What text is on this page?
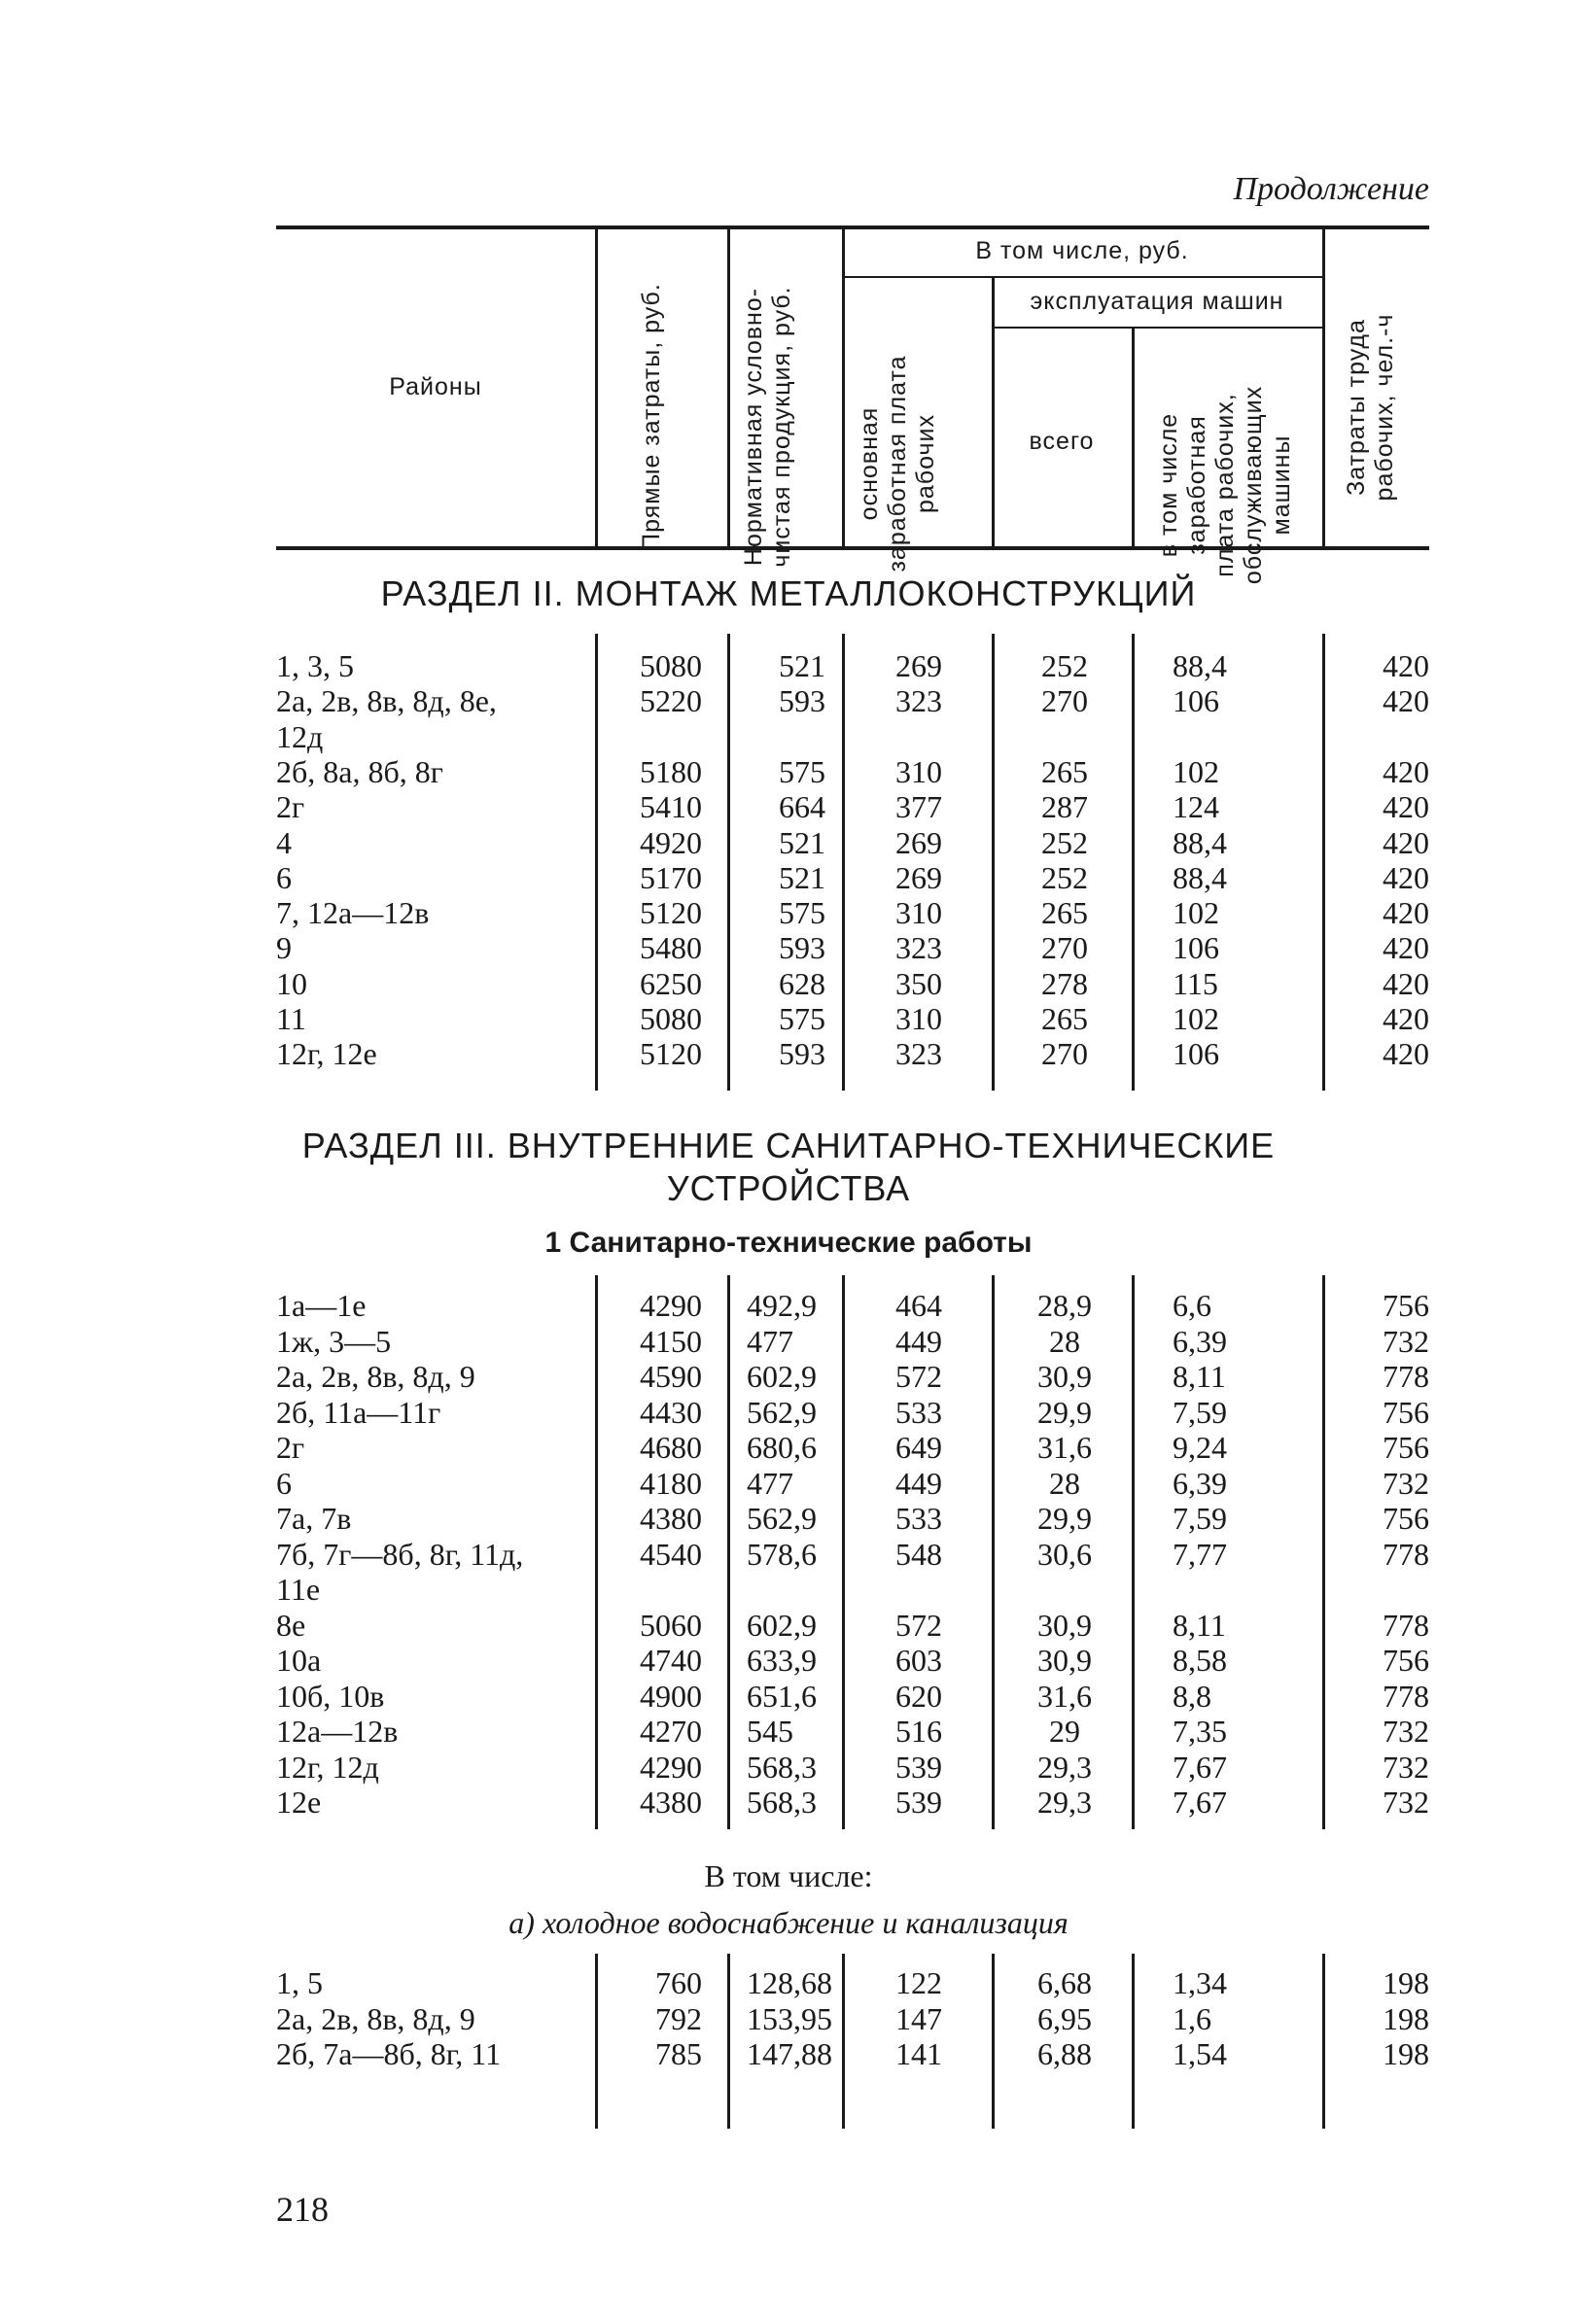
Продолжение
Районы	Прямые затраты, руб.	Нормативная условно-чистая продукция, руб.
В том числе, руб.
основная заработная плата рабочих
эксплуатация машин
всего	в том числе заработная плата рабочих, обслуживающих машины	Затраты труда рабочих, чел.-ч
РАЗДЕЛ II. МОНТАЖ МЕТАЛЛОКОНСТРУКЦИЙ
1, 3, 5	5080	521	269	252	88,4	420
2а, 2в, 8в, 8д, 8е,	5220	593	323	270	106	420
12д
2б, 8а, 8б, 8г	5180	575	310	265	102	420
2г	5410	664	377	287	124	420
4	4920	521	269	252	88,4	420
6	5170	521	269	252	88,4	420
7, 12а—12в	5120	575	310	265	102	420
9	5480	593	323	270	106	420
10	6250	628	350	278	115	420
11	5080	575	310	265	102	420
12г, 12е	5120	593	323	270	106	420
РАЗДЕЛ III. ВНУТРЕННИЕ САНИТАРНО-ТЕХНИЧЕСКИЕ
УСТРОЙСТВА
1 Санитарно-технические работы
1а—1е	4290 492,9	464	28,9	6,6	756
1ж, 3—5	4150 477	449	28	6,39	732
2а, 2в, 8в, 8д, 9	4590 602,9	572	30,9	8,11	778
2б, 11а—11г	4430 562,9	533	29,9	7,59	756
2г	4680 680,6	649	31,6	9,24	756
6	4180 477	449	28	6,39	732
7а, 7в	4380 562,9	533	29,9	7,59	756
7б, 7г—8б, 8г, 11д,	4540 578,6	548	30,6	7,77	778
11е
8е	5060 602,9	572	30,9	8,11	778
10а	4740 633,9	603	30,9	8,58	756
10б, 10в	4900 651,6	620	31,6	8,8	778
12а—12в	4270 545	516	29	7,35	732
12г, 12д	4290 568,3	539	29,3	7,67	732
12е	4380 568,3	539	29,3	7,67	732
В том числе:
а) холодное водоснабжение и канализация
1, 5	760 128,68	122	6,68	1,34	198
2а, 2в, 8в, 8д, 9	792 153,95	147	6,95	1,6	198
2б, 7а—8б, 8г, 11	785 147,88	141	6,88	1,54	198
218
